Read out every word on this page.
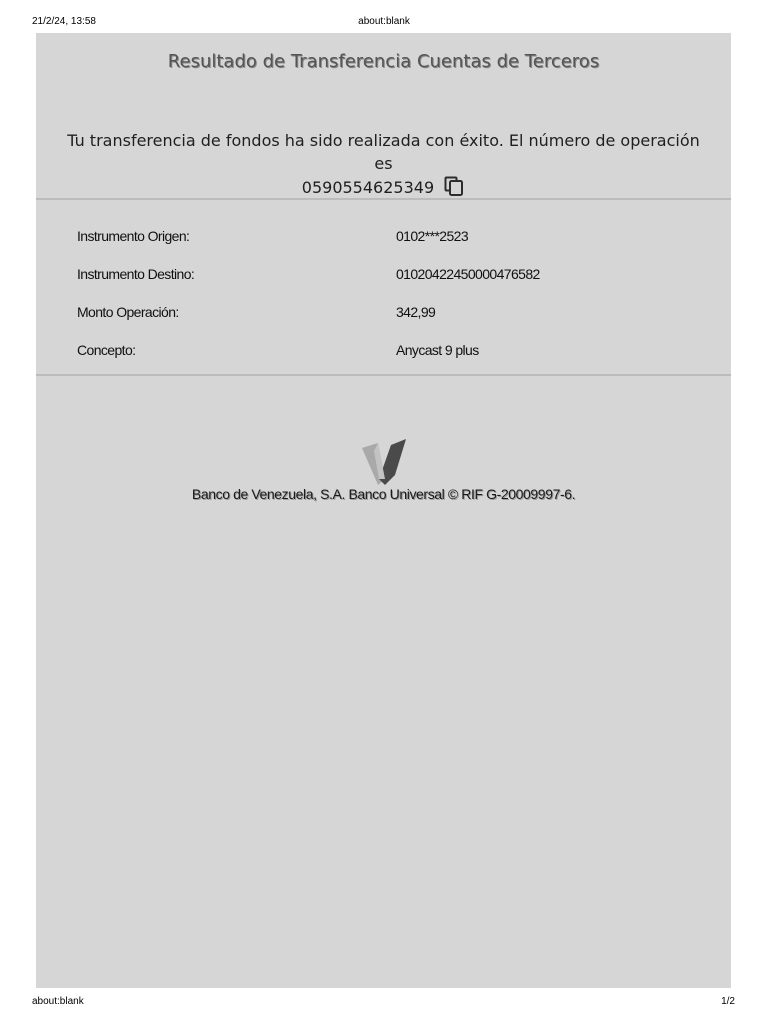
21/2/24, 13:58	about:blank
Resultado de Transferencia Cuentas de Terceros
Tu transferencia de fondos ha sido realizada con éxito. El número de operación es
0590554625349
Instrumento Origen:	0102***2523
Instrumento Destino:	01020422450000476582
Monto Operación:	342,99
Concepto:	Anycast 9 plus
Banco de Venezuela, S.A. Banco Universal © RIF G-20009997-6.
about:blank	1/2
